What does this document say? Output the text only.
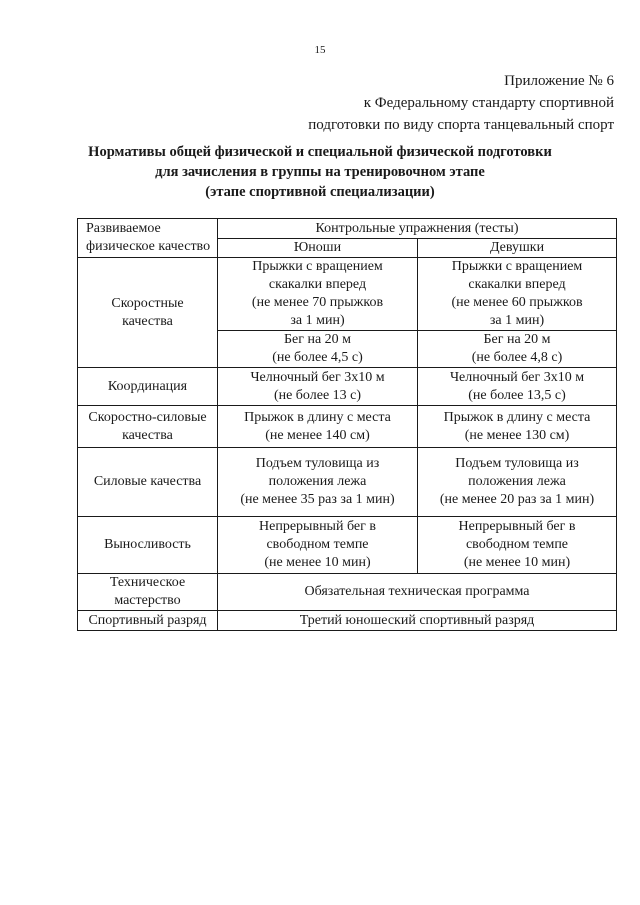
15
Приложение № 6
к Федеральному стандарту спортивной
подготовки по виду спорта танцевальный спорт
Нормативы общей физической и специальной физической подготовки
для зачисления в группы на тренировочном этапе
(этапе спортивной специализации)
Развиваемое
физическое качество	Контрольные упражнения (тесты)	
	Юноши	Девушки
Скоростные
качества	Прыжки с вращением
скакалки вперед
(не менее 70 прыжков
за 1 мин)	Прыжки с вращением
скакалки вперед
(не менее 60 прыжков
за 1 мин)
	Бег на 20 м
(не более 4,5 с)	Бег на 20 м
(не более 4,8 с)
Координация	Челночный бег 3х10 м
(не более 13 с)	Челночный бег 3х10 м
(не более 13,5 с)
Скоростно-силовые
качества	Прыжок в длину с места
(не менее 140 см)	Прыжок в длину с места
(не менее 130 см)
Силовые качества	Подъем туловища из
положения лежа
(не менее 35 раз за 1 мин)	Подъем туловища из
положения лежа
(не менее 20 раз за 1 мин)
Выносливость	Непрерывный бег в
свободном темпе
(не менее 10 мин)	Непрерывный бег в
свободном темпе
(не менее 10 мин)
Техническое
мастерство	Обязательная техническая программа	
Спортивный разряд	Третий юношеский спортивный разряд	
